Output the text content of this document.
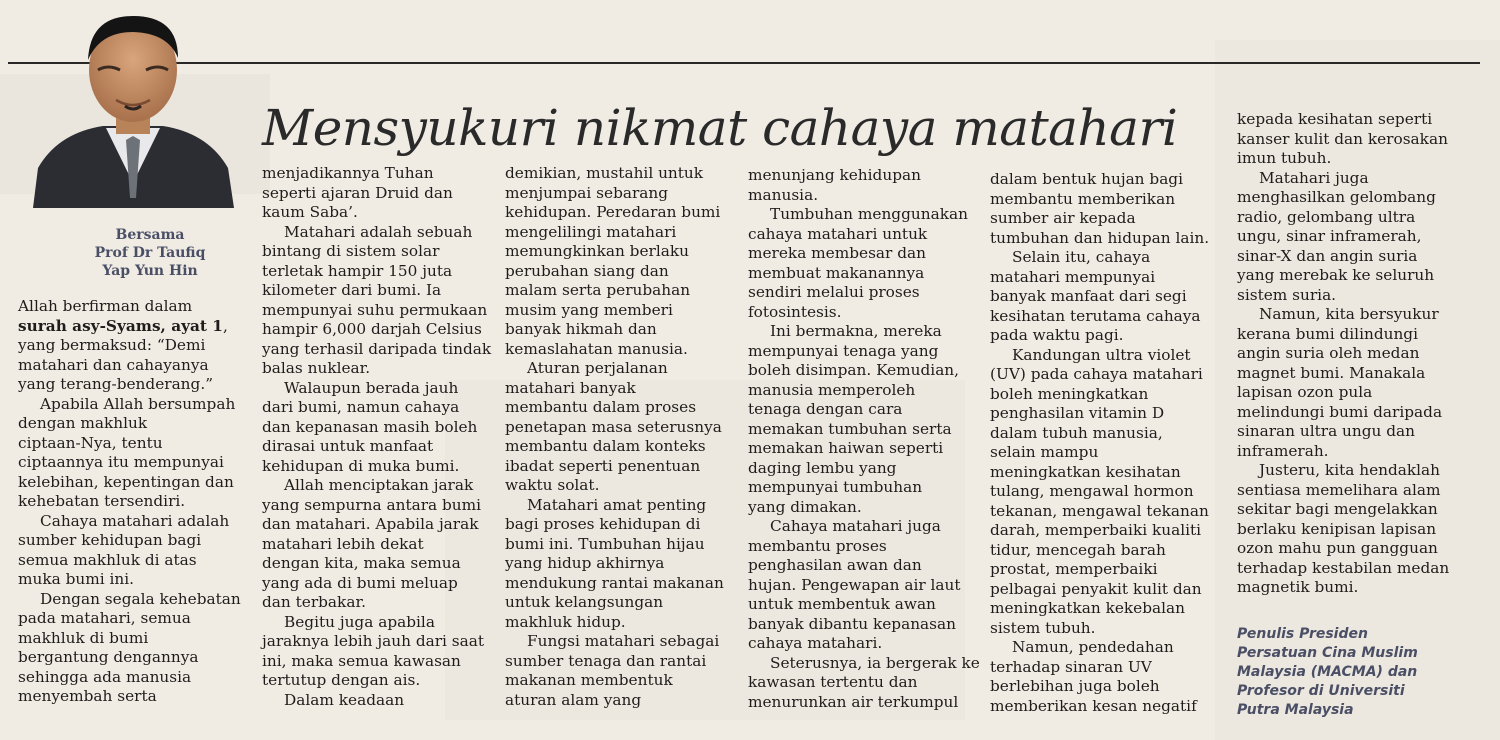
Mensyukuri nikmat cahaya matahari
Bersama
Prof Dr Taufiq
Yap Yun Hin

Allah berfirman dalam

surah asy-Syams, ayat 1,

yang bermaksud: “Demi

matahari dan cahayanya

yang terang-benderang.”

Apabila Allah bersumpah

dengan makhluk

ciptaan-Nya, tentu

ciptaannya itu mempunyai

kelebihan, kepentingan dan

kehebatan tersendiri.

Cahaya matahari adalah

sumber kehidupan bagi

semua makhluk di atas

muka bumi ini.

Dengan segala kehebatan

pada matahari, semua

makhluk di bumi

bergantung dengannya

sehingga ada manusia

menyembah serta

menjadikannya Tuhan

seperti ajaran Druid dan

kaum Saba’.

Matahari adalah sebuah

bintang di sistem solar

terletak hampir 150 juta

kilometer dari bumi. Ia

mempunyai suhu permukaan

hampir 6,000 darjah Celsius

yang terhasil daripada tindak

balas nuklear.

Walaupun berada jauh

dari bumi, namun cahaya

dan kepanasan masih boleh

dirasai untuk manfaat

kehidupan di muka bumi.

Allah menciptakan jarak

yang sempurna antara bumi

dan matahari. Apabila jarak

matahari lebih dekat

dengan kita, maka semua

yang ada di bumi meluap

dan terbakar.

Begitu juga apabila

jaraknya lebih jauh dari saat

ini, maka semua kawasan

tertutup dengan ais.

Dalam keadaan

demikian, mustahil untuk

menjumpai sebarang

kehidupan. Peredaran bumi

mengelilingi matahari

memungkinkan berlaku

perubahan siang dan

malam serta perubahan

musim yang memberi

banyak hikmah dan

kemaslahatan manusia.

Aturan perjalanan

matahari banyak

membantu dalam proses

penetapan masa seterusnya

membantu dalam konteks

ibadat seperti penentuan

waktu solat.

Matahari amat penting

bagi proses kehidupan di

bumi ini. Tumbuhan hijau

yang hidup akhirnya

mendukung rantai makanan

untuk kelangsungan

makhluk hidup.

Fungsi matahari sebagai

sumber tenaga dan rantai

makanan membentuk

aturan alam yang

menunjang kehidupan

manusia.

Tumbuhan menggunakan

cahaya matahari untuk

mereka membesar dan

membuat makanannya

sendiri melalui proses

fotosintesis.

Ini bermakna, mereka

mempunyai tenaga yang

boleh disimpan. Kemudian,

manusia memperoleh

tenaga dengan cara

memakan tumbuhan serta

memakan haiwan seperti

daging lembu yang

mempunyai tumbuhan

yang dimakan.

Cahaya matahari juga

membantu proses

penghasilan awan dan

hujan. Pengewapan air laut

untuk membentuk awan

banyak dibantu kepanasan

cahaya matahari.

Seterusnya, ia bergerak ke

kawasan tertentu dan

menurunkan air terkumpul

dalam bentuk hujan bagi

membantu memberikan

sumber air kepada

tumbuhan dan hidupan lain.

Selain itu, cahaya

matahari mempunyai

banyak manfaat dari segi

kesihatan terutama cahaya

pada waktu pagi.

Kandungan ultra violet

(UV) pada cahaya matahari

boleh meningkatkan

penghasilan vitamin D

dalam tubuh manusia,

selain mampu

meningkatkan kesihatan

tulang, mengawal hormon

tekanan, mengawal tekanan

darah, memperbaiki kualiti

tidur, mencegah barah

prostat, memperbaiki

pelbagai penyakit kulit dan

meningkatkan kekebalan

sistem tubuh.

Namun, pendedahan

terhadap sinaran UV

berlebihan juga boleh

memberikan kesan negatif

kepada kesihatan seperti

kanser kulit dan kerosakan

imun tubuh.

Matahari juga

menghasilkan gelombang

radio, gelombang ultra

ungu, sinar inframerah,

sinar-X dan angin suria

yang merebak ke seluruh

sistem suria.

Namun, kita bersyukur

kerana bumi dilindungi

angin suria oleh medan

magnet bumi. Manakala

lapisan ozon pula

melindungi bumi daripada

sinaran ultra ungu dan

inframerah.

Justeru, kita hendaklah

sentiasa memelihara alam

sekitar bagi mengelakkan

berlaku kenipisan lapisan

ozon mahu pun gangguan

terhadap kestabilan medan

magnetik bumi.

Penulis Presiden
Persatuan Cina Muslim
Malaysia (MACMA) dan
Profesor di Universiti
Putra Malaysia
